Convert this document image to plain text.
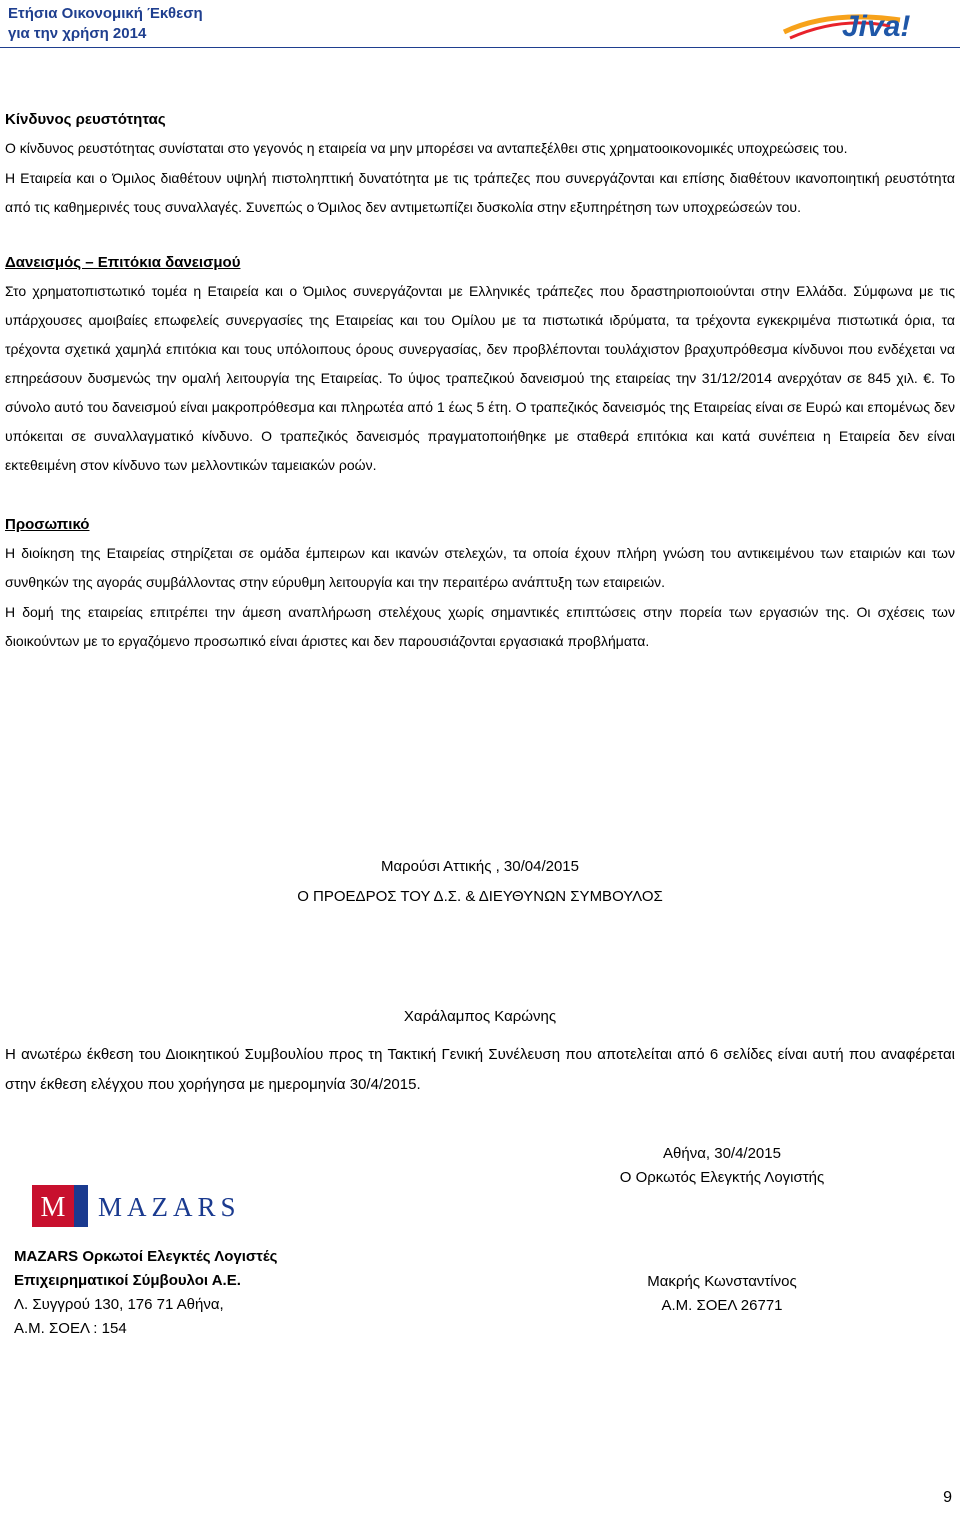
Ετήσια Οικονομική Έκθεση
για την χρήση 2014	Jiva!
Κίνδυνος ρευστότητας

Ο κίνδυνος ρευστότητας συνίσταται στο γεγονός η εταιρεία να μην μπορέσει να ανταπεξέλθει στις χρηματοοικονομικές υποχρεώσεις του.

Η Εταιρεία και ο Όμιλος διαθέτουν υψηλή πιστοληπτική δυνατότητα με τις τράπεζες που συνεργάζονται και επίσης διαθέτουν ικανοποιητική ρευστότητα από τις καθημερινές τους συναλλαγές. Συνεπώς ο Όμιλος δεν αντιμετωπίζει δυσκολία στην εξυπηρέτηση των υποχρεώσεών του.

Δανεισμός – Επιτόκια δανεισμού

Στο χρηματοπιστωτικό τομέα η Εταιρεία και ο Όμιλος συνεργάζονται με Ελληνικές τράπεζες που δραστηριοποιούνται στην Ελλάδα. Σύμφωνα με τις υπάρχουσες αμοιβαίες επωφελείς συνεργασίες της Εταιρείας και του Ομίλου με τα πιστωτικά ιδρύματα, τα τρέχοντα εγκεκριμένα πιστωτικά όρια, τα τρέχοντα σχετικά χαμηλά επιτόκια και τους υπόλοιπους όρους συνεργασίας, δεν προβλέπονται τουλάχιστον βραχυπρόθεσμα κίνδυνοι που ενδέχεται να επηρεάσουν δυσμενώς την ομαλή λειτουργία της Εταιρείας. Το ύψος τραπεζικού δανεισμού της εταιρείας την 31/12/2014 ανερχόταν σε 845 χιλ. €. Το σύνολο αυτό του δανεισμού είναι μακροπρόθεσμα και πληρωτέα από 1 έως 5 έτη. Ο τραπεζικός δανεισμός της Εταιρείας είναι σε Ευρώ και επομένως δεν υπόκειται σε συναλλαγματικό κίνδυνο. Ο τραπεζικός δανεισμός πραγματοποιήθηκε με σταθερά επιτόκια και κατά συνέπεια η Εταιρεία δεν είναι εκτεθειμένη στον κίνδυνο των μελλοντικών ταμειακών ροών.

Προσωπικό

Η διοίκηση της Εταιρείας στηρίζεται σε ομάδα έμπειρων και ικανών στελεχών, τα οποία έχουν πλήρη γνώση του αντικειμένου των εταιριών και των συνθηκών της αγοράς συμβάλλοντας στην εύρυθμη λειτουργία και την περαιτέρω ανάπτυξη των εταιρειών.

Η δομή της εταιρείας επιτρέπει την άμεση αναπλήρωση στελέχους χωρίς σημαντικές επιπτώσεις στην πορεία των εργασιών της. Οι σχέσεις των διοικούντων με το εργαζόμενο προσωπικό είναι άριστες και δεν παρουσιάζονται εργασιακά προβλήματα.

Μαρούσι Αττικής , 30/04/2015
Ο ΠΡΟΕΔΡΟΣ ΤΟΥ Δ.Σ. & ΔΙΕΥΘΥΝΩΝ ΣΥΜΒΟΥΛΟΣ
Χαράλαμπος Καρώνης
Η ανωτέρω έκθεση του Διοικητικού Συμβουλίου προς τη Τακτική Γενική Συνέλευση που αποτελείται από 6 σελίδες είναι αυτή που αναφέρεται στην έκθεση ελέγχου που χορήγησα με ημερομηνία 30/4/2015.
Αθήνα, 30/4/2015
Ο Ορκωτός Ελεγκτής Λογιστής
Μακρής Κωνσταντίνος
Α.Μ. ΣΟΕΛ 26771
M MAZARS
MAZARS Ορκωτοί Ελεγκτές Λογιστές
Επιχειρηματικοί Σύμβουλοι Α.Ε.
Λ. Συγγρού 130, 176 71 Αθήνα,
Α.Μ. ΣΟΕΛ : 154
9
